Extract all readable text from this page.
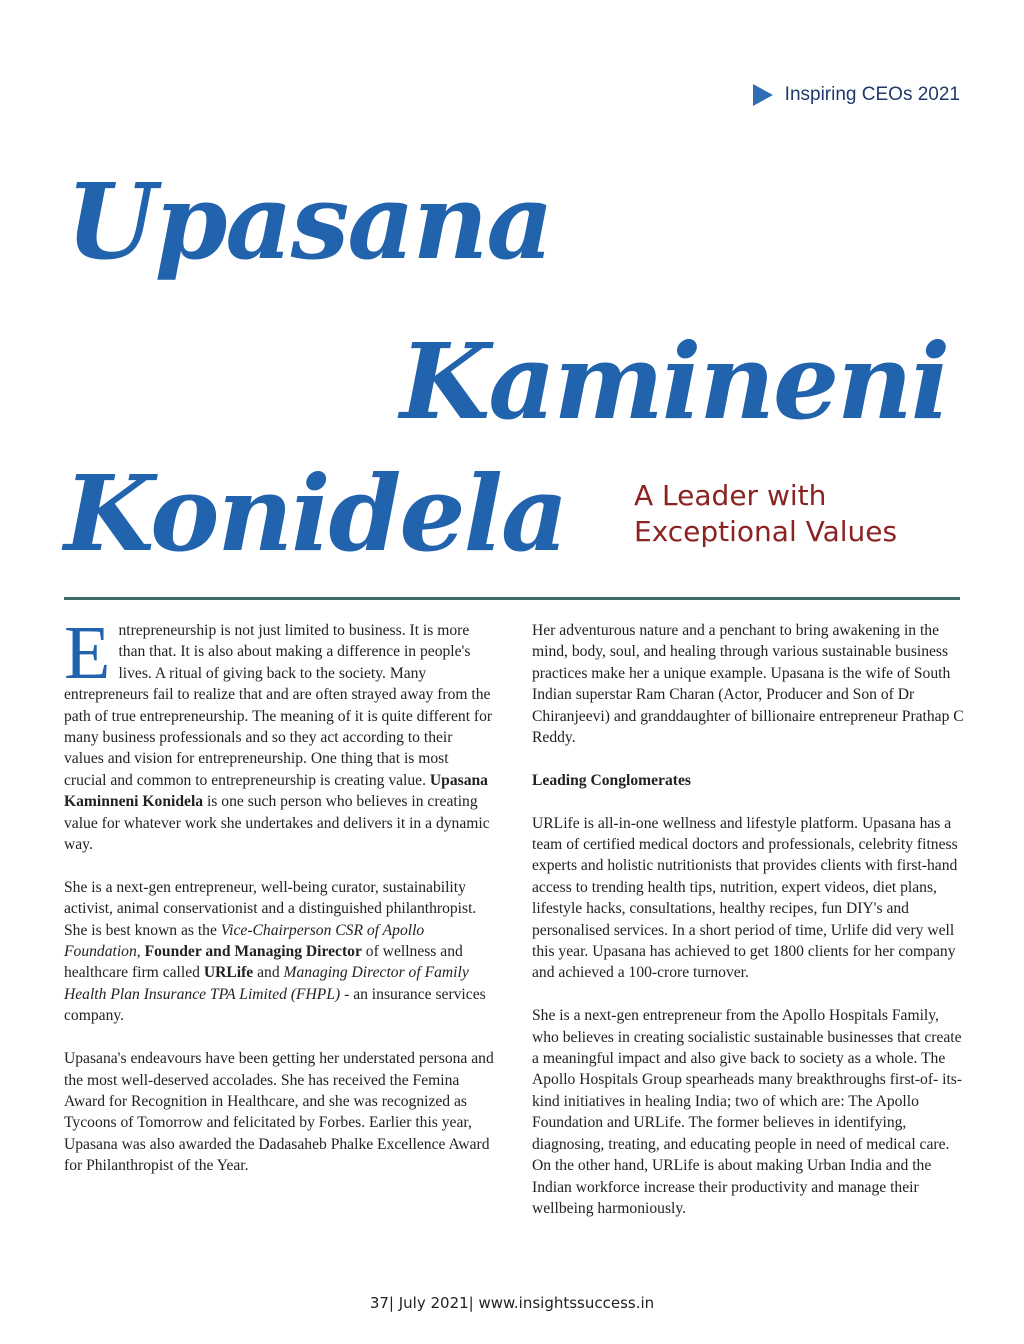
Inspiring CEOs 2021
Upasana
Kamineni
Konidela A Leader with
Exceptional Values

Entrepreneurship is not just limited to business. It is more than that. It is also about making a difference in people's lives. A ritual of giving back to the society. Many entrepreneurs fail to realize that and are often strayed away from the path of true entrepreneurship. The meaning of it is quite different for many business professionals and so they act according to their values and vision for entrepreneurship. One thing that is most crucial and common to entrepreneurship is creating value. Upasana Kaminneni Konidela is one such person who believes in creating value for whatever work she undertakes and delivers it in a dynamic way.

She is a next-gen entrepreneur, well-being curator, sustainability activist, animal conservationist and a distinguished philanthropist. She is best known as the Vice-Chairperson CSR of Apollo Foundation, Founder and Managing Director of wellness and healthcare firm called URLife and Managing Director of Family Health Plan Insurance TPA Limited (FHPL) - an insurance services company.

Upasana's endeavours have been getting her understated persona and the most well-deserved accolades. She has received the Femina Award for Recognition in Healthcare, and she was recognized as Tycoons of Tomorrow and felicitated by Forbes. Earlier this year, Upasana was also awarded the Dadasaheb Phalke Excellence Award for Philanthropist of the Year.

Her adventurous nature and a penchant to bring awakening in the mind, body, soul, and healing through various sustainable business practices make her a unique example. Upasana is the wife of South Indian superstar Ram Charan (Actor, Producer and Son of Dr Chiranjeevi) and granddaughter of billionaire entrepreneur Prathap C Reddy.

Leading Conglomerates

URLife is all-in-one wellness and lifestyle platform. Upasana has a team of certified medical doctors and professionals, celebrity fitness experts and holistic nutritionists that provides clients with first-hand access to trending health tips, nutrition, expert videos, diet plans, lifestyle hacks, consultations, healthy recipes, fun DIY's and personalised services. In a short period of time, Urlife did very well this year. Upasana has achieved to get 1800 clients for her company and achieved a 100-crore turnover.

She is a next-gen entrepreneur from the Apollo Hospitals Family, who believes in creating socialistic sustainable businesses that create a meaningful impact and also give back to society as a whole. The Apollo Hospitals Group spearheads many breakthroughs first-of- its-kind initiatives in healing India; two of which are: The Apollo Foundation and URLife. The former believes in identifying, diagnosing, treating, and educating people in need of medical care. On the other hand, URLife is about making Urban India and the Indian workforce increase their productivity and manage their wellbeing harmoniously.

37| July 2021| www.insightssuccess.in
